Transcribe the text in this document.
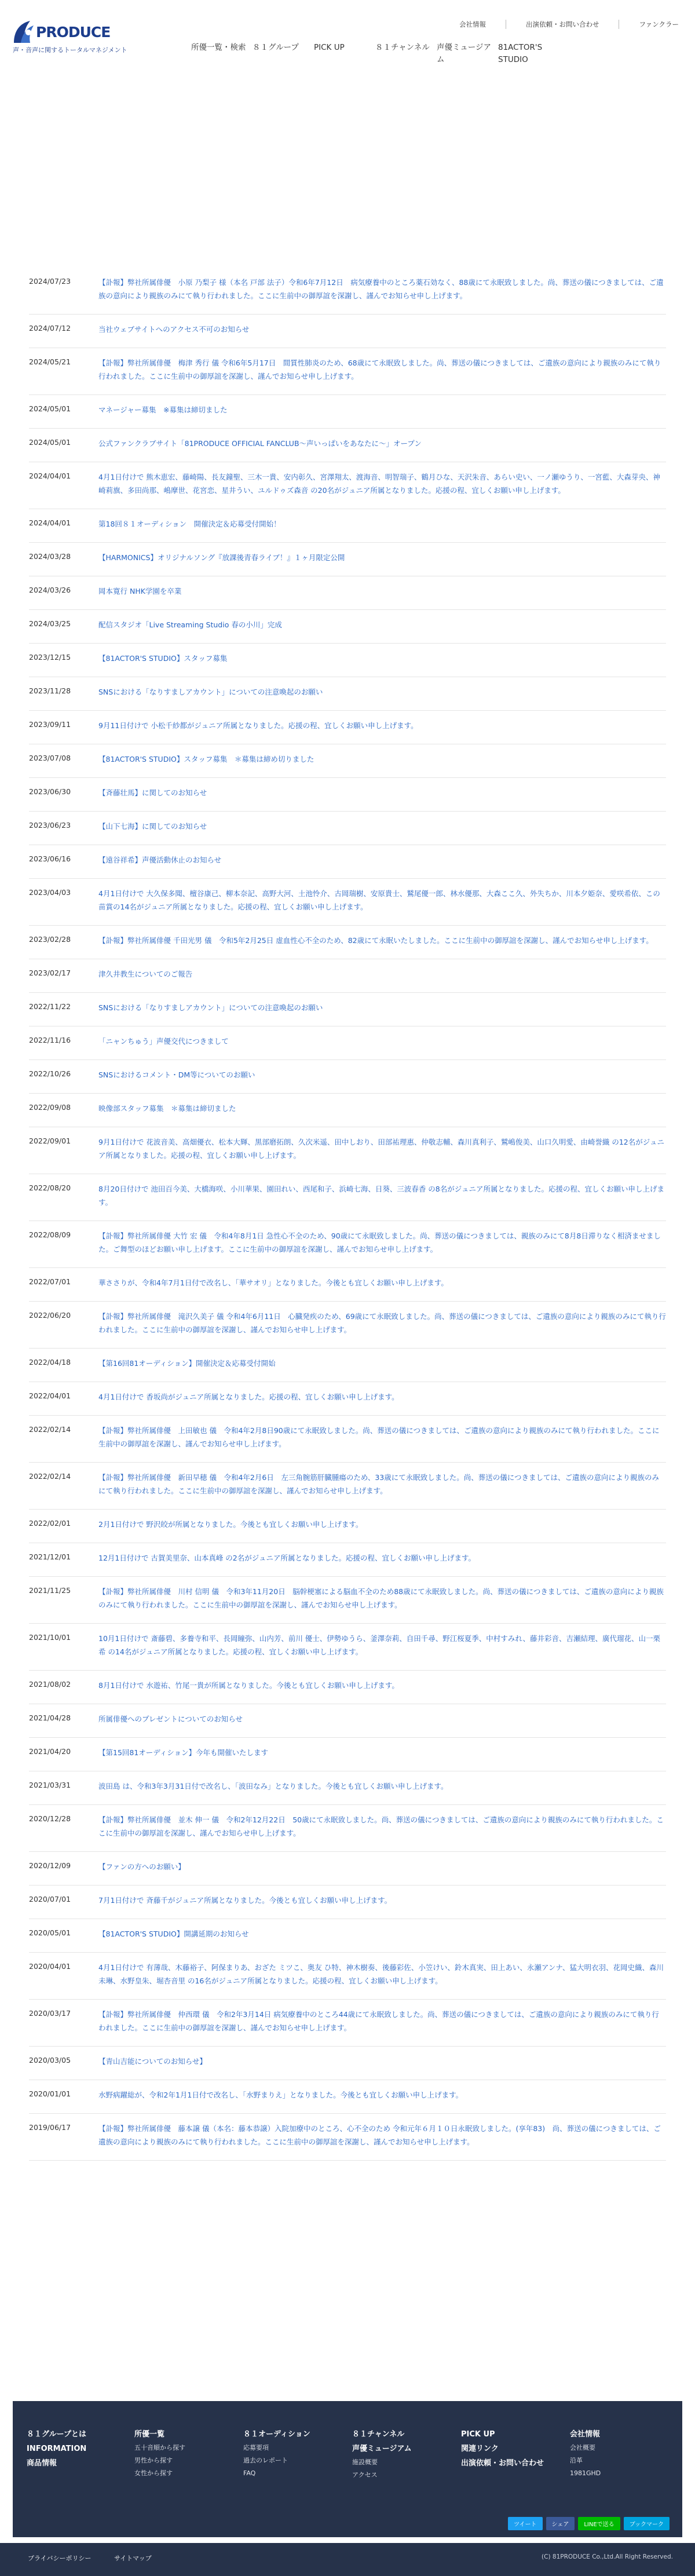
PRODUCE
声・音声に関するトータルマネジメント
会社情報	出演依頼・お問い合わせ	ファンクラー
所優一覧・検索 ８１グループ	PICK UP	８１チャンネル 声優ミュージアム
81ACTOR'S STUDIO
2024/07/23	【訃報】弊社所属俳優　小原 乃梨子 様（本名 戸部 法子）令和6年7月12日　病気療養中のところ薬石効なく、88歳にて永眠致しました。尚、葬送の儀につきましては、ご遺族の意向により親族のみにて執り行われました。ここに生前中の御厚誼を深謝し、謹んでお知らせ申し上げます。
2024/07/12	当社ウェブサイトへのアクセス不可のお知らせ
2024/05/21	【訃報】弊社所属俳優　梅津 秀行 儀 令和6年5月17日　間質性肺炎のため、68歳にて永眠致しました。尚、葬送の儀につきましては、ご遺族の意向により親族のみにて執り行われました。ここに生前中の御厚誼を深謝し、謹んでお知らせ申し上げます。
2024/05/01	マネージャー募集　※募集は締切ました
2024/05/01	公式ファンクラブサイト「81PRODUCE OFFICIAL FANCLUB〜声いっぱいをあなたに〜」オープン
2024/04/01	4月1日付けで 熊木恵宏、藤崎陽、長友鐘聖、三木一貴、安内彰久、宮澤翔太、渡海音、明智瑞子、鶴月ひな、天沢朱音、あらい史い、一ノ瀬ゆうり、一宮藍、大森芽央、神崎莉旗、多田尚那、嶋摩世、花宮恋、星井うい、ユルドゥズ森音 の20名がジュニア所属となりました。応援の程、宜しくお願い申し上げます。
2024/04/01	第18回８１オーディション　開催決定＆応募受付開始！
2024/03/28	【HARMONICS】オリジナルソング『放課後青春ライブ！』１ヶ月限定公開
2024/03/26	岡本寛行 NHK学園を卒業
2024/03/25	配信スタジオ「Live Streaming Studio 春の小川」完成
2023/12/15	【81ACTOR'S STUDIO】スタッフ募集
2023/11/28	SNSにおける「なりすましアカウント」についての注意喚起のお願い
2023/09/11	9月11日付けで 小松千紗都がジュニア所属となりました。応援の程、宜しくお願い申し上げます。
2023/07/08	【81ACTOR'S STUDIO】スタッフ募集　＊募集は締め切りました
2023/06/30	【斉藤壮馬】に関してのお知らせ
2023/06/23	【山下七海】に関してのお知らせ
2023/06/16	【遠谷祥希】声優活動休止のお知らせ
2023/04/03	4月1日付けで 大久保多聞、檀谷康己、柳本奈記、高野大河、土池怜介、古岡瑞樹、安原貴士、鷲尾優一郎、林水優那、大森ここ久、外失ちか、川本夕姫奈、愛咲希依、この苗賞の14名がジュニア所属となりました。応援の程、宜しくお願い申し上げます。
2023/02/28	【訃報】弊社所属俳優 千田光男 儀　令和5年2月25日 虚血性心不全のため、82歳にて永眠いたしました。ここに生前中の御厚誼を深謝し、謹んでお知らせ申し上げます。
2023/02/17	津久井教生についてのご報告
2022/11/22	SNSにおける「なりすましアカウント」についての注意喚起のお願い
2022/11/16	「ニャンちゅう」声優交代につきまして
2022/10/26	SNSにおけるコメント・DM等についてのお願い
2022/09/08	映像部スタッフ募集　＊募集は締切ました
2022/09/01	9月1日付けで 花波音美、高畑優衣、松本大輝、黒部磨拓朗、久次米遥、田中しおり、田部祐理惠、仲敬志輔、森川真利子、鷲嶋俊美、山口久明愛、由崎誉織 の12名がジュニア所属となりました。応援の程、宜しくお願い申し上げます。
2022/08/20	8月20日付けで 池田百今美、大橋海咲、小川華果、園田れい、西尾和子、浜崎七海、日葵、三波春香 の8名がジュニア所属となりました。応援の程、宜しくお願い申し上げます。
2022/08/09	【訃報】弊社所属俳優 大竹 宏 儀　令和4年8月1日 急性心不全のため、90歳にて永眠致しました。尚、葬送の儀につきましては、親族のみにて8月8日滞りなく相済ませました。ご舞型のほどお願い申し上げます。ここに生前中の御厚誼を深謝し、謹んでお知らせ申し上げます。
2022/07/01	華ささりが、令和4年7月1日付で改名し、「華サオリ」となりました。今後とも宜しくお願い申し上げます。
2022/06/20	【訃報】弊社所属俳優　滝沢久美子 儀 令和4年6月11日　心臓発疾のため、69歳にて永眠致しました。尚、葬送の儀につきましては、ご遺族の意向により親族のみにて執り行われました。ここに生前中の御厚誼を深謝し、謹んでお知らせ申し上げます。
2022/04/18	【第16回81オーディション】開催決定＆応募受付開始
2022/04/01	4月1日付けで 香坂尚がジュニア所属となりました。応援の程、宜しくお願い申し上げます。
2022/02/14	【訃報】弊社所属俳優　上田敏也 儀　令和4年2月8日90歳にて永眠致しました。尚、葬送の儀につきましては、ご遺族の意向により親族のみにて執り行われました。ここに生前中の御厚誼を深謝し、謹んでお知らせ申し上げます。
2022/02/14	【訃報】弊社所属俳優　新田早穂 儀　令和4年2月6日　左三角腕筋肝臓腫瘍のため、33歳にて永眠致しました。尚、葬送の儀につきましては、ご遺族の意向により親族のみにて執り行われました。ここに生前中の御厚誼を深謝し、謹んでお知らせ申し上げます。
2022/02/01	2月1日付けで 野沢皎が所属となりました。今後とも宜しくお願い申し上げます。
2021/12/01	12月1日付けで 古賀美里奈、山本真峰 の2名がジュニア所属となりました。応援の程、宜しくお願い申し上げます。
2021/11/25	【訃報】弊社所属俳優　川村 信明 儀　令和3年11月20日　脳幹梗塞による脳血不全のため88歳にて永眠致しました。尚、葬送の儀につきましては、ご遺族の意向により親族のみにて執り行われました。ここに生前中の御厚誼を深謝し、謹んでお知らせ申し上げます。
2021/10/01	10月1日付けで 斎藤碧、多養寺和平、長岡瞳弥、山内芳、前川 優士、伊勢ゆうら、釜澤奈莉、自田千尋、野江桜夏季、中村すみれ、藤井彩音、吉瀬結理、廣代瑠花、山一栗希 の14名がジュニア所属となりました。応援の程、宜しくお願い申し上げます。
2021/08/02	8月1日付けで 水遊祐、竹尾一貴が所属となりました。今後とも宜しくお願い申し上げます。
2021/04/28	所属俳優へのプレゼントについてのお知らせ
2021/04/20	【第15回81オーディション】今年も開催いたします
2021/03/31	波田島 は、令和3年3月31日付で改名し、「波田なみ」となりました。今後とも宜しくお願い申し上げます。
2020/12/28	【訃報】弊社所属俳優　並木 伸一 儀　令和2年12月22日　50歳にて永眠致しました。尚、葬送の儀につきましては、ご遺族の意向により親族のみにて執り行われました。ここに生前中の御厚誼を深謝し、謹んでお知らせ申し上げます。
2020/12/09	【ファンの方へのお願い】
2020/07/01	7月1日付けで 斉藤千がジュニア所属となりました。今後とも宜しくお願い申し上げます。
2020/05/01	【81ACTOR'S STUDIO】開講延期のお知らせ
2020/04/01	4月1日付けで 有薄哉、木藤裕子、阿保まりあ、おざた ミツこ、奥友 ひ特、神木樹奏、後藤彩佐、小笠けい、鈴木真実、田上あい、永瀬アンナ、猛大明衣羽、花岡史織、森川未琳、水野皇朱、堀杏音里 の16名がジュニア所属となりました。応援の程、宜しくお願い申し上げます。
2020/03/17	【訃報】弊社所属俳優　仲西環 儀　令和2年3月14日 病気療養中のところ44歳にて永眠致しました。尚、葬送の儀につきましては、ご遺族の意向により親族のみにて執り行われました。ここに生前中の御厚誼を深謝し、謹んでお知らせ申し上げます。
2020/03/05	【青山吉能についてのお知らせ】
2020/01/01	水野病躍総が、令和2年1月1日付で改名し、「水野まりえ」となりました。今後とも宜しくお願い申し上げます。
2019/06/17	【訃報】弊社所属俳優　藤本譲 儀（本名：藤本恭譲）入院加療中のところ、心不全のため 令和元年６月１０日永眠致しました。(享年83)　尚、葬送の儀につきましては、ご遺族の意向により親族のみにて執り行われました。ここに生前中の御厚誼を深謝し、謹んでお知らせ申し上げます。
８１グループとは
INFORMATION
商品情報
所優一覧
五十音順から探す
男性から探す
女性から探す
８１オーディション
応募要項
過去のレポート
FAQ
８１チャンネル
声優ミュージアム
施設概要
アクセス
PICK UP
関連リンク
出演依頼・お問い合わせ
会社情報
会社概要
沿革
1981GHD
ツイート	シェア	LINEで送る	ブックマーク
プライバシーポリシー	サイトマップ	(C) 81PRODUCE Co.,Ltd.All Right Reserved.
